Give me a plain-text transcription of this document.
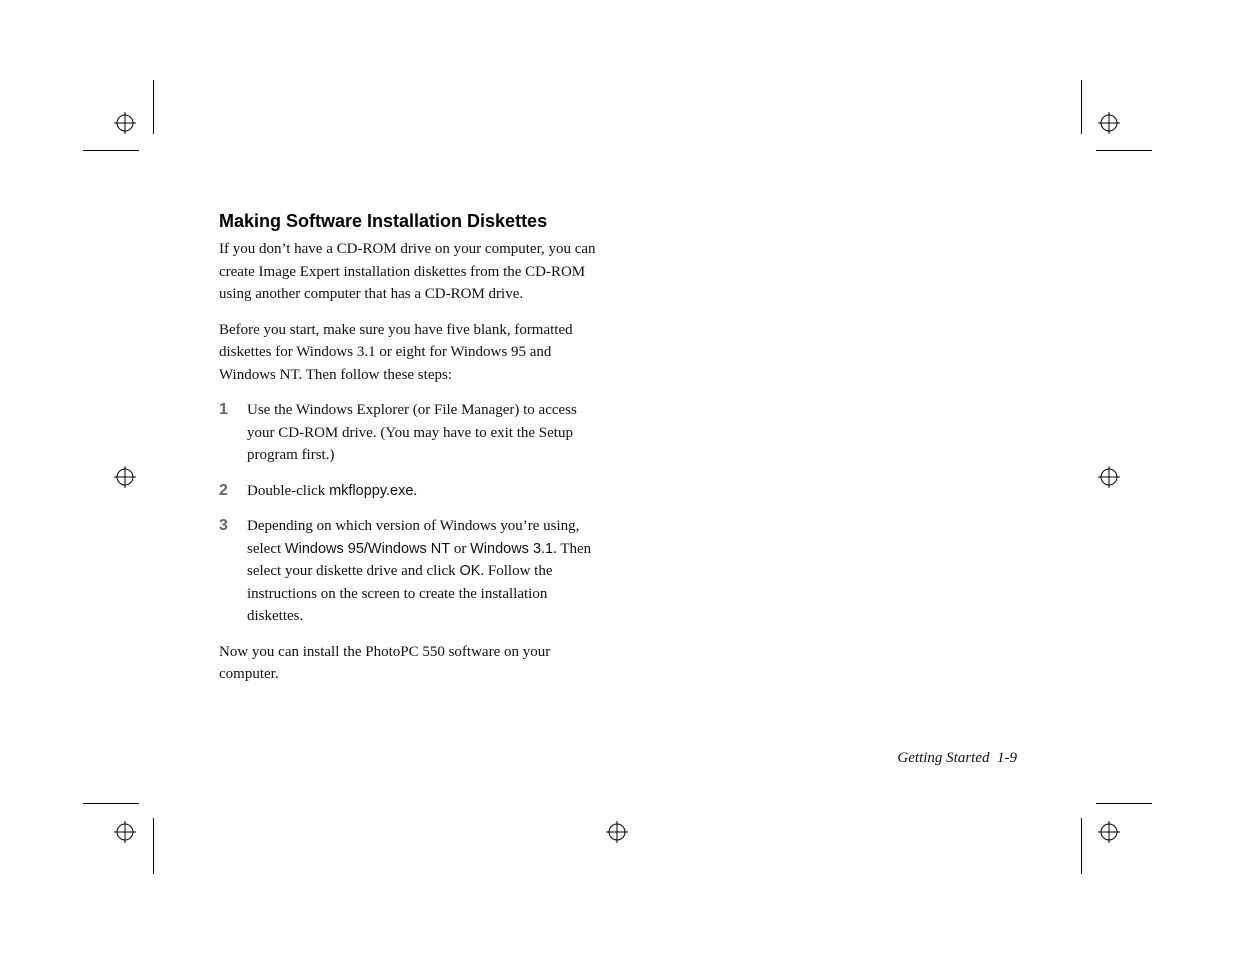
Making Software Installation Diskettes

If you don’t have a CD-ROM drive on your computer, you can create Image Expert installation diskettes from the CD-ROM using another computer that has a CD-ROM drive.

Before you start, make sure you have five blank, formatted diskettes for Windows 3.1 or eight for Windows 95 and Windows NT. Then follow these steps:

1 Use the Windows Explorer (or File Manager) to access your CD-ROM drive. (You may have to exit the Setup program first.)
2 Double-click mkfloppy.exe.
3 Depending on which version of Windows you’re using, select Windows 95/Windows NT or Windows 3.1. Then select your diskette drive and click OK. Follow the instructions on the screen to create the installation diskettes.

Now you can install the PhotoPC 550 software on your computer.

Getting Started  1-9
